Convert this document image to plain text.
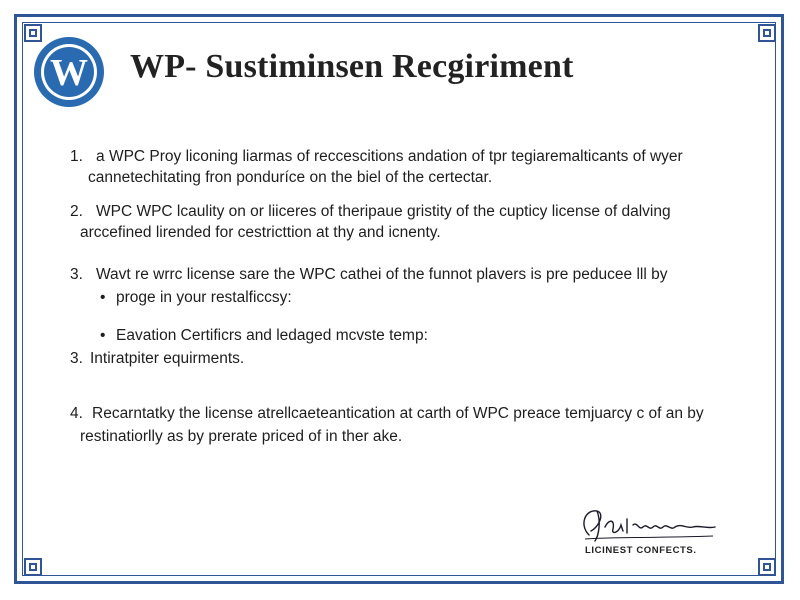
W WP- Sustiminsen Recgiriment
1. a WPC Proy liconing liarmas of reccescitions andation of tpr tegiaremalticants of wyer
cannetechitating fron ponduríce on the biel of the certectar.
2. WPC WPC lcaulity on or liiceres of theripaue gristity of the cupticy license of dalving
arccefined lirended for cestricttion at thy and icnenty.
3. Wavt re wrrc license sare the WPC cathei of the funnot plavers is pre peducee lll by
• proge in your restalficcsy:
• Eavation Certificrs and ledaged mcvste temp:
3. Intiratpiter equirments.
4. Recarntatky the license atrellcaeteantication at carth of WPC preace temjuarcy c of an by
restinatiorlly as by prerate priced of in ther ake.
LICINEST CONFECTS.
